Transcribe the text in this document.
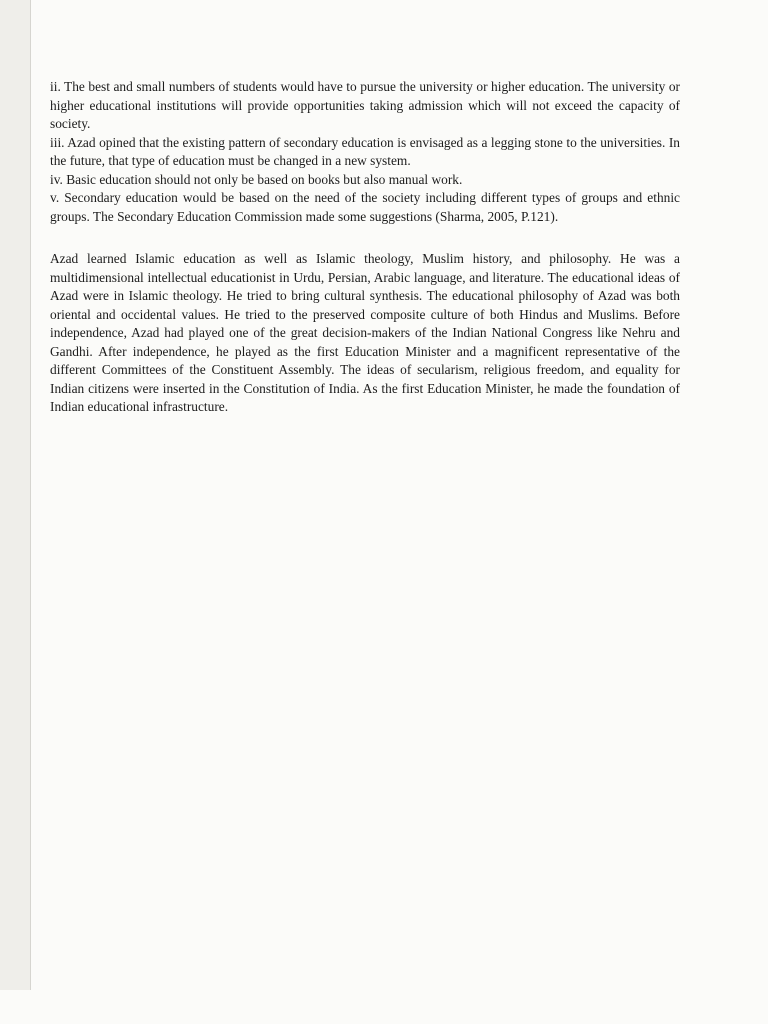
ii. The best and small numbers of students would have to pursue the university or higher education. The university or higher educational institutions will provide opportunities taking admission which will not exceed the capacity of society.

iii. Azad opined that the existing pattern of secondary education is envisaged as a legging stone to the universities. In the future, that type of education must be changed in a new system.

iv. Basic education should not only be based on books but also manual work.

v. Secondary education would be based on the need of the society including different types of groups and ethnic groups. The Secondary Education Commission made some suggestions (Sharma, 2005, P.121).

Azad learned Islamic education as well as Islamic theology, Muslim history, and philosophy. He was a multidimensional intellectual educationist in Urdu, Persian, Arabic language, and literature. The educational ideas of Azad were in Islamic theology. He tried to bring cultural synthesis. The educational philosophy of Azad was both oriental and occidental values. He tried to the preserved composite culture of both Hindus and Muslims. Before independence, Azad had played one of the great decision-makers of the Indian National Congress like Nehru and Gandhi. After independence, he played as the first Education Minister and a magnificent representative of the different Committees of the Constituent Assembly. The ideas of secularism, religious freedom, and equality for Indian citizens were inserted in the Constitution of India. As the first Education Minister, he made the foundation of Indian educational infrastructure.
